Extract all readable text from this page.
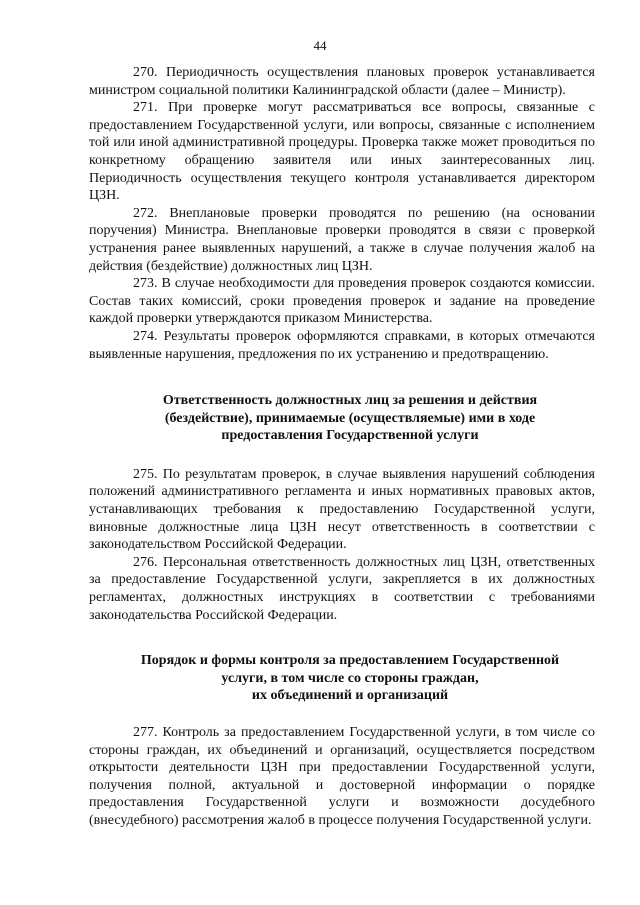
44

270. Периодичность осуществления плановых проверок устанавливается министром социальной политики Калининградской области (далее – Министр).

271. При проверке могут рассматриваться все вопросы, связанные с предоставлением Государственной услуги, или вопросы, связанные с исполнением той или иной административной процедуры. Проверка также может проводиться по конкретному обращению заявителя или иных заинтересованных лиц. Периодичность осуществления текущего контроля устанавливается директором ЦЗН.

272. Внеплановые проверки проводятся по решению (на основании поручения) Министра. Внеплановые проверки проводятся в связи с проверкой устранения ранее выявленных нарушений, а также в случае получения жалоб на действия (бездействие) должностных лиц ЦЗН.

273. В случае необходимости для проведения проверок создаются комиссии. Состав таких комиссий, сроки проведения проверок и задание на проведение каждой проверки утверждаются приказом Министерства.

274. Результаты проверок оформляются справками, в которых отмечаются выявленные нарушения, предложения по их устранению и предотвращению.

Ответственность должностных лиц за решения и действия
(бездействие), принимаемые (осуществляемые) ими в ходе
предоставления Государственной услуги

275. По результатам проверок, в случае выявления нарушений соблюдения положений административного регламента и иных нормативных правовых актов, устанавливающих требования к предоставлению Государственной услуги, виновные должностные лица ЦЗН несут ответственность в соответствии с законодательством Российской Федерации.

276. Персональная ответственность должностных лиц ЦЗН, ответственных за предоставление Государственной услуги, закрепляется в их должностных регламентах, должностных инструкциях в соответствии с требованиями законодательства Российской Федерации.

Порядок и формы контроля за предоставлением Государственной
услуги, в том числе со стороны граждан,
их объединений и организаций

277. Контроль за предоставлением Государственной услуги, в том числе со стороны граждан, их объединений и организаций, осуществляется посредством открытости деятельности ЦЗН при предоставлении Государственной услуги, получения полной, актуальной и достоверной информации о порядке предоставления Государственной услуги и возможности досудебного (внесудебного) рассмотрения жалоб в процессе получения Государственной услуги.
